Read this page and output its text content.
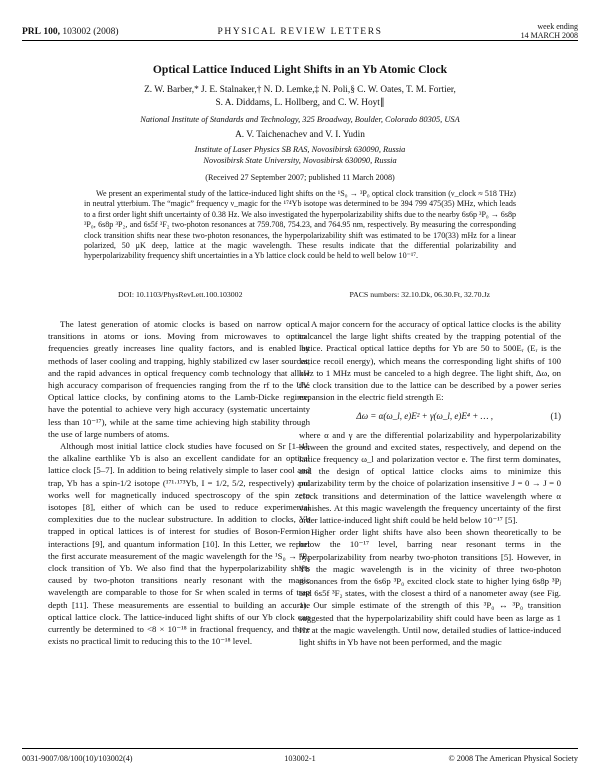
PRL 100, 103002 (2008)	PHYSICAL REVIEW LETTERS
week ending
14 MARCH 2008
Optical Lattice Induced Light Shifts in an Yb Atomic Clock
Z. W. Barber,* J. E. Stalnaker,† N. D. Lemke,‡ N. Poli,§ C. W. Oates, T. M. Fortier,
S. A. Diddams, L. Hollberg, and C. W. Hoyt∥
National Institute of Standards and Technology, 325 Broadway, Boulder, Colorado 80305, USA
A. V. Taichenachev and V. I. Yudin
Institute of Laser Physics SB RAS, Novosibirsk 630090, Russia
Novosibirsk State University, Novosibirsk 630090, Russia
(Received 27 September 2007; published 11 March 2008)
We present an experimental study of the lattice-induced light shifts on the ¹S₀ → ³P₀ optical clock transition (ν_clock ≈ 518 THz) in neutral ytterbium. The “magic” frequency ν_magic for the ¹⁷⁴Yb isotope was determined to be 394 799 475(35) MHz, which leads to a first order light shift uncertainty of 0.38 Hz. We also investigated the hyperpolarizability shifts due to the nearby 6s6p ³P₀ → 6s8p ³P₀, 6s8p ³P₂, and 6s5f ³F₂ two-photon resonances at 759.708, 754.23, and 764.95 nm, respectively. By measuring the corresponding clock transition shifts near these two-photon resonances, the hyperpolarizability shift was estimated to be 170(33) mHz for a linear polarized, 50 μK deep, lattice at the magic wavelength. These results indicate that the differential polarizability and hyperpolarizability frequency shift uncertainties in a Yb lattice clock could be held to well below 10⁻¹⁷.
DOI: 10.1103/PhysRevLett.100.103002	PACS numbers: 32.10.Dk, 06.30.Ft, 32.70.Jz

The latest generation of atomic clocks is based on narrow optical transitions in atoms or ions. Moving from microwaves to optical frequencies greatly increases line quality factors, and is enabled by methods of laser cooling and trapping, highly stabilized cw laser sources, and the rapid advances in optical frequency comb technology that allow high accuracy comparison of frequencies ranging from the rf to the UV. Optical lattice clocks, by confining atoms to the Lamb-Dicke regime, have the potential to achieve very high accuracy (systematic uncertainty less than 10⁻¹⁷), while at the same time achieving high stability through the use of large numbers of atoms.

Although most initial lattice clock studies have focused on Sr [1–4], the alkaline earthlike Yb is also an excellent candidate for an optical lattice clock [5–7]. In addition to being relatively simple to laser cool and trap, Yb has a spin-1/2 isotope (¹⁷¹·¹⁷³Yb, I = 1/2, 5/2, respectively) and works well for magnetically induced spectroscopy of the spin zero isotopes [8], either of which can be used to reduce experimental complexities due to the nuclear substructure. In addition to clocks, Yb trapped in optical lattices is of interest for studies of Boson-Fermion interactions [9], and quantum information [10]. In this Letter, we report the first accurate measurement of the magic wavelength for the ¹S₀ → ³P₀ clock transition of Yb. We also find that the hyperpolarizability shifts caused by two-photon transitions nearly resonant with the magic wavelength are comparable to those for Sr when scaled in terms of trap depth [11]. These measurements are essential to building an accurate optical lattice clock. The lattice-induced light shifts of our Yb clock can currently be determined to <8 × 10⁻¹⁸ in fractional frequency, and there exists no practical limit to reducing this to the 10⁻¹⁸ level.

A major concern for the accuracy of optical lattice clocks is the ability to cancel the large light shifts created by the trapping potential of the lattice. Practical optical lattice depths for Yb are 50 to 500Eᵣ (Eᵣ is the lattice recoil energy), which means the corresponding light shifts of 100 kHz to 1 MHz must be canceled to a high degree. The light shift, Δω, on the clock transition due to the lattice can be described by a power series expansion in the electric field strength E:

Δω = α(ω_l, e)E² + γ(ω_l, e)E⁴ + … ,	(1)

where α and γ are the differential polarizability and hyperpolarizability between the ground and excited states, respectively, and depend on the lattice frequency ω_l and polarization vector e. The first term dominates, and the design of optical lattice clocks aims to minimize this polarizability term by the choice of polarization insensitive J = 0 → J = 0 clock transitions and determination of the lattice wavelength where α vanishes. At this magic wavelength the frequency uncertainty of the first order lattice-induced light shift could be held below 10⁻¹⁷ [5].

Higher order light shifts have also been shown theoretically to be below the 10⁻¹⁷ level, barring near resonant terms in the hyperpolarizability from nearby two-photon transitions [5]. However, in Yb the magic wavelength is in the vicinity of three two-photon resonances from the 6s6p ³P₀ excited clock state to higher lying 6s8p ³Pⱼ and 6s5f ³F₂ states, with the closest a third of a nanometer away (see Fig. 1). Our simple estimate of the strength of this ³P₀ ↔ ³P₀ transition suggested that the hyperpolarizability shift could have been as large as 1 Hz at the magic wavelength. Until now, detailed studies of lattice-induced light shifts in Yb have not been performed, and the magic

0031-9007/08/100(10)/103002(4)	103002-1	© 2008 The American Physical Society
